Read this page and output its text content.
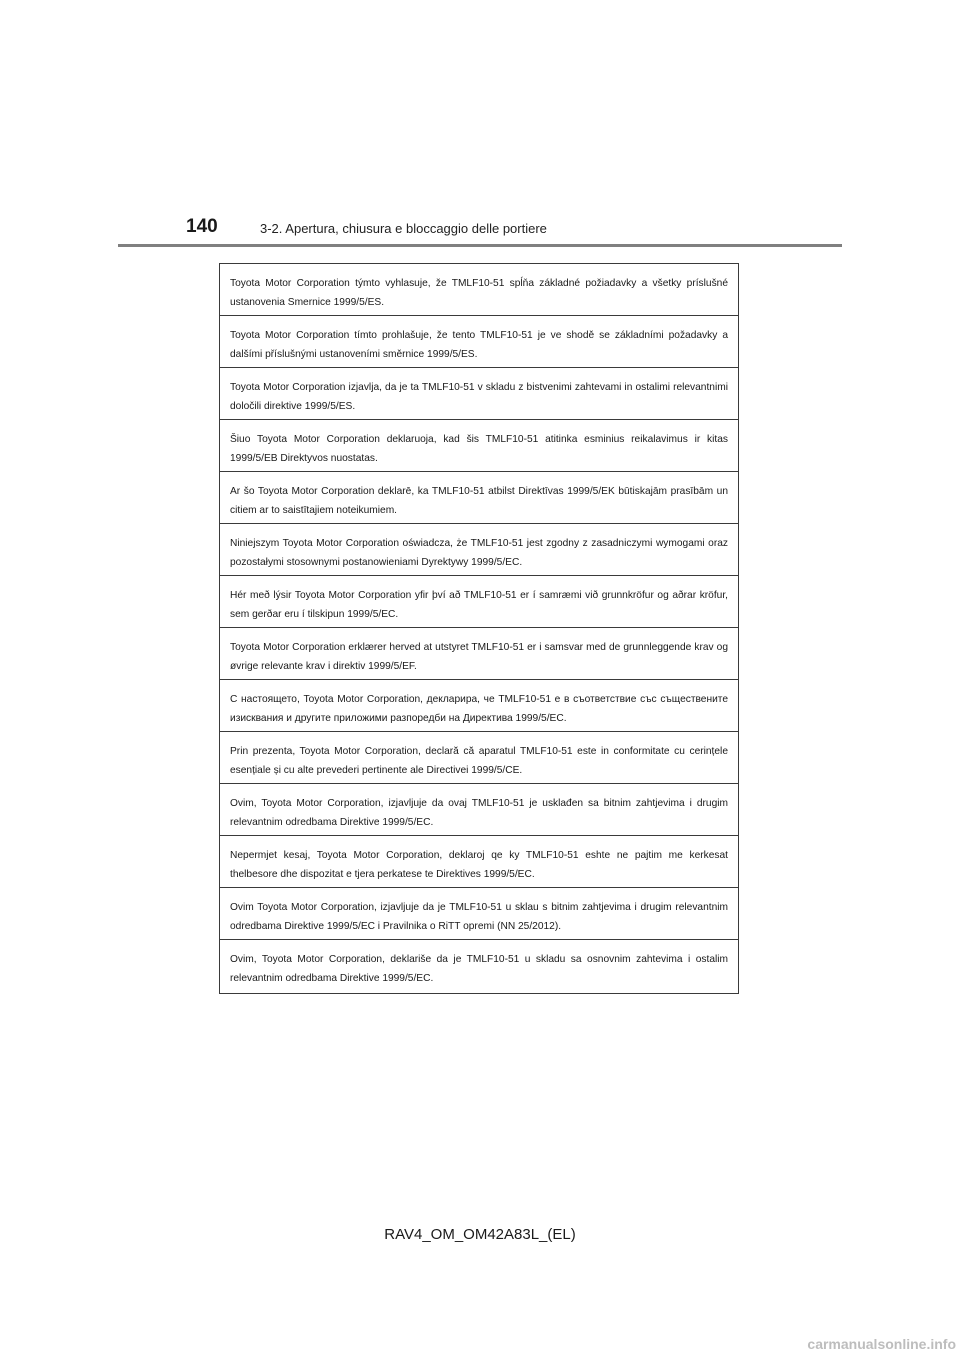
140	3-2. Apertura, chiusura e bloccaggio delle portiere
Toyota Motor Corporation týmto vyhlasuje, že TMLF10-51 spĺňa základné požiadavky a všetky príslušné ustanovenia Smernice 1999/5/ES.
Toyota Motor Corporation tímto prohlašuje, že tento TMLF10-51 je ve shodě se základními požadavky a dalšími příslušnými ustanoveními směrnice 1999/5/ES.
Toyota Motor Corporation izjavlja, da je ta TMLF10-51 v skladu z bistvenimi zahtevami in ostalimi relevantnimi določili direktive 1999/5/ES.
Šiuo Toyota Motor Corporation deklaruoja, kad šis TMLF10-51 atitinka esminius reikalavimus ir kitas 1999/5/EB Direktyvos nuostatas.
Ar šo Toyota Motor Corporation deklarē, ka TMLF10-51 atbilst Direktīvas 1999/5/EK būtiskajām prasībām un citiem ar to saistītajiem noteikumiem.
Niniejszym Toyota Motor Corporation oświadcza, że TMLF10-51 jest zgodny z zasadniczymi wymogami oraz pozostałymi stosownymi postanowieniami Dyrektywy 1999/5/EC.
Hér með lýsir Toyota Motor Corporation yfir því að TMLF10-51 er í samræmi við grunnkröfur og aðrar kröfur, sem gerðar eru í tilskipun 1999/5/EC.
Toyota Motor Corporation erklærer herved at utstyret TMLF10-51 er i samsvar med de grunnleggende krav og øvrige relevante krav i direktiv 1999/5/EF.
С настоящето, Toyota Motor Corporation, декларира, че TMLF10-51 е в съответствие със съществените изисквания и другите приложими разпоредби на Директива 1999/5/EC.
Prin prezenta, Toyota Motor Corporation, declară că aparatul TMLF10-51 este in conformitate cu cerințele esențiale și cu alte prevederi pertinente ale Directivei 1999/5/CE.
Ovim, Toyota Motor Corporation, izjavljuje da ovaj TMLF10-51 je usklađen sa bitnim zahtjevima i drugim relevantnim odredbama Direktive 1999/5/EC.
Nepermjet kesaj, Toyota Motor Corporation, deklaroj qe ky TMLF10-51 eshte ne pajtim me kerkesat thelbesore dhe dispozitat e tjera perkatese te Direktives 1999/5/EC.
Ovim Toyota Motor Corporation, izjavljuje da je TMLF10-51 u sklau s bitnim zahtjevima i drugim relevantnim odredbama Direktive 1999/5/EC i Pravilnika o RiTT opremi (NN 25/2012).
Ovim, Toyota Motor Corporation, deklariše da je TMLF10-51 u skladu sa osnovnim zahtevima i ostalim relevantnim odredbama Direktive 1999/5/EC.
RAV4_OM_OM42A83L_(EL)
carmanualsonline.info
